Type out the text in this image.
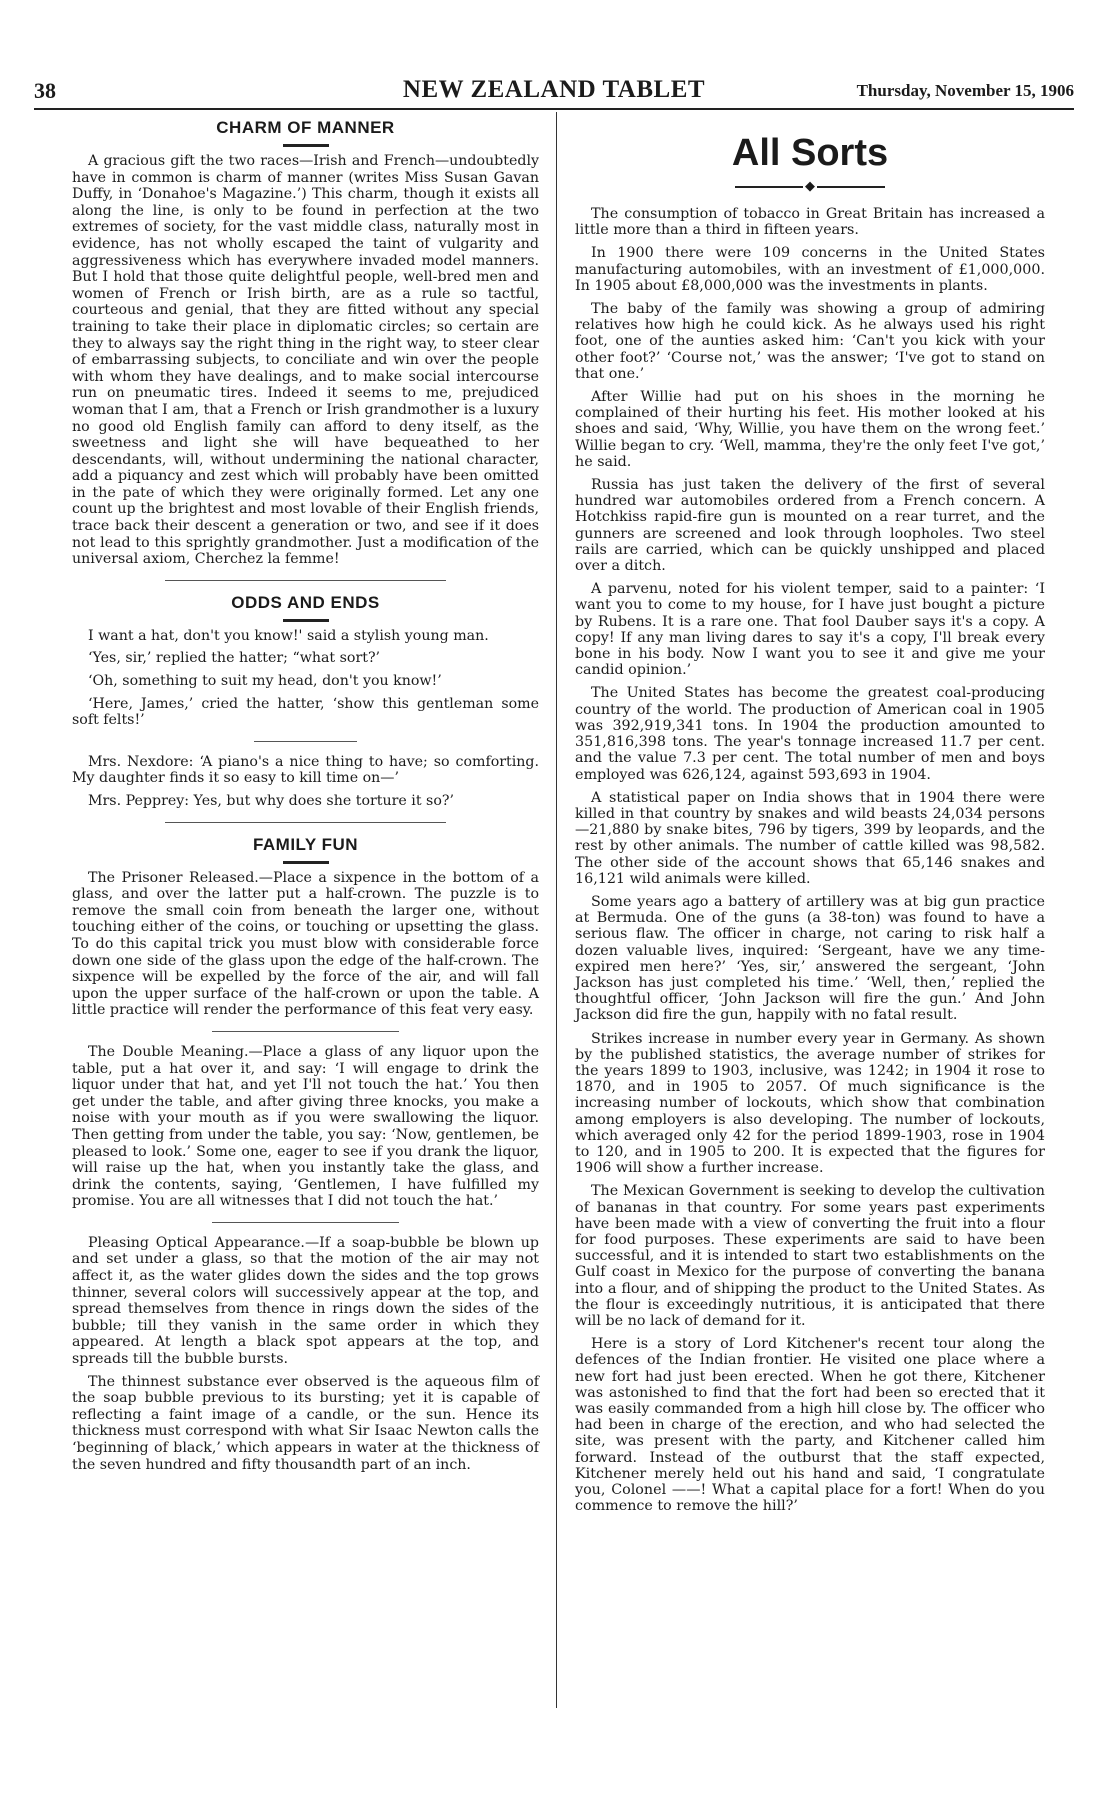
38	NEW ZEALAND TABLET	Thursday, November 15, 1906
CHARM OF MANNER

A gracious gift the two races—Irish and French—undoubtedly have in common is charm of manner (writes Miss Susan Gavan Duffy, in ‘Donahoe's Magazine.’) This charm, though it exists all along the line, is only to be found in perfection at the two extremes of society, for the vast middle class, naturally most in evidence, has not wholly escaped the taint of vulgarity and aggressiveness which has everywhere invaded model manners. But I hold that those quite delightful people, well-bred men and women of French or Irish birth, are as a rule so tactful, courteous and genial, that they are fitted without any special training to take their place in diplomatic circles; so certain are they to always say the right thing in the right way, to steer clear of embarrassing subjects, to conciliate and win over the people with whom they have dealings, and to make social intercourse run on pneumatic tires. Indeed it seems to me, prejudiced woman that I am, that a French or Irish grandmother is a luxury no good old English family can afford to deny itself, as the sweetness and light she will have bequeathed to her descendants, will, without undermining the national character, add a piquancy and zest which will probably have been omitted in the pate of which they were originally formed. Let any one count up the brightest and most lovable of their English friends, trace back their descent a generation or two, and see if it does not lead to this sprightly grandmother. Just a modification of the universal axiom, Cherchez la femme!

ODDS AND ENDS

I want a hat, don't you know!' said a stylish young man.

‘Yes, sir,’ replied the hatter; “what sort?’

‘Oh, something to suit my head, don't you know!’

‘Here, James,’ cried the hatter, ‘show this gentleman some soft felts!’

Mrs. Nexdore: ‘A piano's a nice thing to have; so comforting. My daughter finds it so easy to kill time on—’

Mrs. Pepprey: Yes, but why does she torture it so?’

FAMILY FUN

The Prisoner Released.—Place a sixpence in the bottom of a glass, and over the latter put a half-crown. The puzzle is to remove the small coin from beneath the larger one, without touching either of the coins, or touching or upsetting the glass. To do this capital trick you must blow with considerable force down one side of the glass upon the edge of the half-crown. The sixpence will be expelled by the force of the air, and will fall upon the upper surface of the half-crown or upon the table. A little practice will render the performance of this feat very easy.

The Double Meaning.—Place a glass of any liquor upon the table, put a hat over it, and say: ‘I will engage to drink the liquor under that hat, and yet I'll not touch the hat.’ You then get under the table, and after giving three knocks, you make a noise with your mouth as if you were swallowing the liquor. Then getting from under the table, you say: ‘Now, gentlemen, be pleased to look.’ Some one, eager to see if you drank the liquor, will raise up the hat, when you instantly take the glass, and drink the contents, saying, ‘Gentlemen, I have fulfilled my promise. You are all witnesses that I did not touch the hat.’

Pleasing Optical Appearance.—If a soap-bubble be blown up and set under a glass, so that the motion of the air may not affect it, as the water glides down the sides and the top grows thinner, several colors will successively appear at the top, and spread themselves from thence in rings down the sides of the bubble; till they vanish in the same order in which they appeared. At length a black spot appears at the top, and spreads till the bubble bursts.

The thinnest substance ever observed is the aqueous film of the soap bubble previous to its bursting; yet it is capable of reflecting a faint image of a candle, or the sun. Hence its thickness must correspond with what Sir Isaac Newton calls the ‘beginning of black,’ which appears in water at the thickness of the seven hundred and fifty thousandth part of an inch.

All Sorts
◆

The consumption of tobacco in Great Britain has increased a little more than a third in fifteen years.

In 1900 there were 109 concerns in the United States manufacturing automobiles, with an investment of £1,000,000. In 1905 about £8,000,000 was the investments in plants.

The baby of the family was showing a group of admiring relatives how high he could kick. As he always used his right foot, one of the aunties asked him: ‘Can't you kick with your other foot?’ ‘Course not,’ was the answer; ‘I've got to stand on that one.’

After Willie had put on his shoes in the morning he complained of their hurting his feet. His mother looked at his shoes and said, ‘Why, Willie, you have them on the wrong feet.’ Willie began to cry. ‘Well, mamma, they're the only feet I've got,’ he said.

Russia has just taken the delivery of the first of several hundred war automobiles ordered from a French concern. A Hotchkiss rapid-fire gun is mounted on a rear turret, and the gunners are screened and look through loopholes. Two steel rails are carried, which can be quickly unshipped and placed over a ditch.

A parvenu, noted for his violent temper, said to a painter: ‘I want you to come to my house, for I have just bought a picture by Rubens. It is a rare one. That fool Dauber says it's a copy. A copy! If any man living dares to say it's a copy, I'll break every bone in his body. Now I want you to see it and give me your candid opinion.’

The United States has become the greatest coal-producing country of the world. The production of American coal in 1905 was 392,919,341 tons. In 1904 the production amounted to 351,816,398 tons. The year's tonnage increased 11.7 per cent. and the value 7.3 per cent. The total number of men and boys employed was 626,124, against 593,693 in 1904.

A statistical paper on India shows that in 1904 there were killed in that country by snakes and wild beasts 24,034 persons—21,880 by snake bites, 796 by tigers, 399 by leopards, and the rest by other animals. The number of cattle killed was 98,582. The other side of the account shows that 65,146 snakes and 16,121 wild animals were killed.

Some years ago a battery of artillery was at big gun practice at Bermuda. One of the guns (a 38-ton) was found to have a serious flaw. The officer in charge, not caring to risk half a dozen valuable lives, inquired: ‘Sergeant, have we any time-expired men here?’ ‘Yes, sir,’ answered the sergeant, ‘John Jackson has just completed his time.’ ‘Well, then,’ replied the thoughtful officer, ‘John Jackson will fire the gun.’ And John Jackson did fire the gun, happily with no fatal result.

Strikes increase in number every year in Germany. As shown by the published statistics, the average number of strikes for the years 1899 to 1903, inclusive, was 1242; in 1904 it rose to 1870, and in 1905 to 2057. Of much significance is the increasing number of lockouts, which show that combination among employers is also developing. The number of lockouts, which averaged only 42 for the period 1899-1903, rose in 1904 to 120, and in 1905 to 200. It is expected that the figures for 1906 will show a further increase.

The Mexican Government is seeking to develop the cultivation of bananas in that country. For some years past experiments have been made with a view of converting the fruit into a flour for food purposes. These experiments are said to have been successful, and it is intended to start two establishments on the Gulf coast in Mexico for the purpose of converting the banana into a flour, and of shipping the product to the United States. As the flour is exceedingly nutritious, it is anticipated that there will be no lack of demand for it.

Here is a story of Lord Kitchener's recent tour along the defences of the Indian frontier. He visited one place where a new fort had just been erected. When he got there, Kitchener was astonished to find that the fort had been so erected that it was easily commanded from a high hill close by. The officer who had been in charge of the erection, and who had selected the site, was present with the party, and Kitchener called him forward. Instead of the outburst that the staff expected, Kitchener merely held out his hand and said, ‘I congratulate you, Colonel ——! What a capital place for a fort! When do you commence to remove the hill?’
